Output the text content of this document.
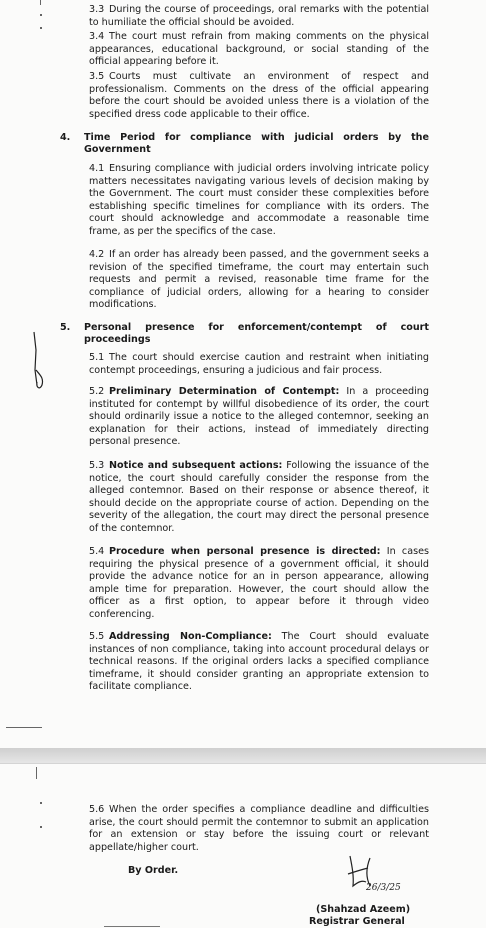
3.3 During the course of proceedings, oral remarks with the potential to humiliate the official should be avoided.
3.4 The court must refrain from making comments on the physical appearances, educational background, or social standing of the official appearing before it.
3.5 Courts must cultivate an environment of respect and professionalism. Comments on the dress of the official appearing before the court should be avoided unless there is a violation of the specified dress code applicable to their office.
4.	Time Period for compliance with judicial orders by the Government
4.1 Ensuring compliance with judicial orders involving intricate policy matters necessitates navigating various levels of decision making by the Government. The court must consider these complexities before establishing specific timelines for compliance with its orders. The court should acknowledge and accommodate a reasonable time frame, as per the specifics of the case.
4.2 If an order has already been passed, and the government seeks a revision of the specified timeframe, the court may entertain such requests and permit a revised, reasonable time frame for the compliance of judicial orders, allowing for a hearing to consider modifications.
5.	Personal presence for enforcement/contempt of court proceedings
5.1 The court should exercise caution and restraint when initiating contempt proceedings, ensuring a judicious and fair process.
5.2 Preliminary Determination of Contempt: In a proceeding instituted for contempt by willful disobedience of its order, the court should ordinarily issue a notice to the alleged contemnor, seeking an explanation for their actions, instead of immediately directing personal presence.
5.3 Notice and subsequent actions: Following the issuance of the notice, the court should carefully consider the response from the alleged contemnor. Based on their response or absence thereof, it should decide on the appropriate course of action. Depending on the severity of the allegation, the court may direct the personal presence of the contemnor.
5.4 Procedure when personal presence is directed: In cases requiring the physical presence of a government official, it should provide the advance notice for an in person appearance, allowing ample time for preparation. However, the court should allow the officer as a first option, to appear before it through video conferencing.
5.5 Addressing Non-Compliance: The Court should evaluate instances of non compliance, taking into account procedural delays or technical reasons. If the original orders lacks a specified compliance timeframe, it should consider granting an appropriate extension to facilitate compliance.
5.6 When the order specifies a compliance deadline and difficulties arise, the court should permit the contemnor to submit an application for an extension or stay before the issuing court or relevant appellate/higher court.
By Order.
26/3/25
(Shahzad Azeem)
Registrar General
